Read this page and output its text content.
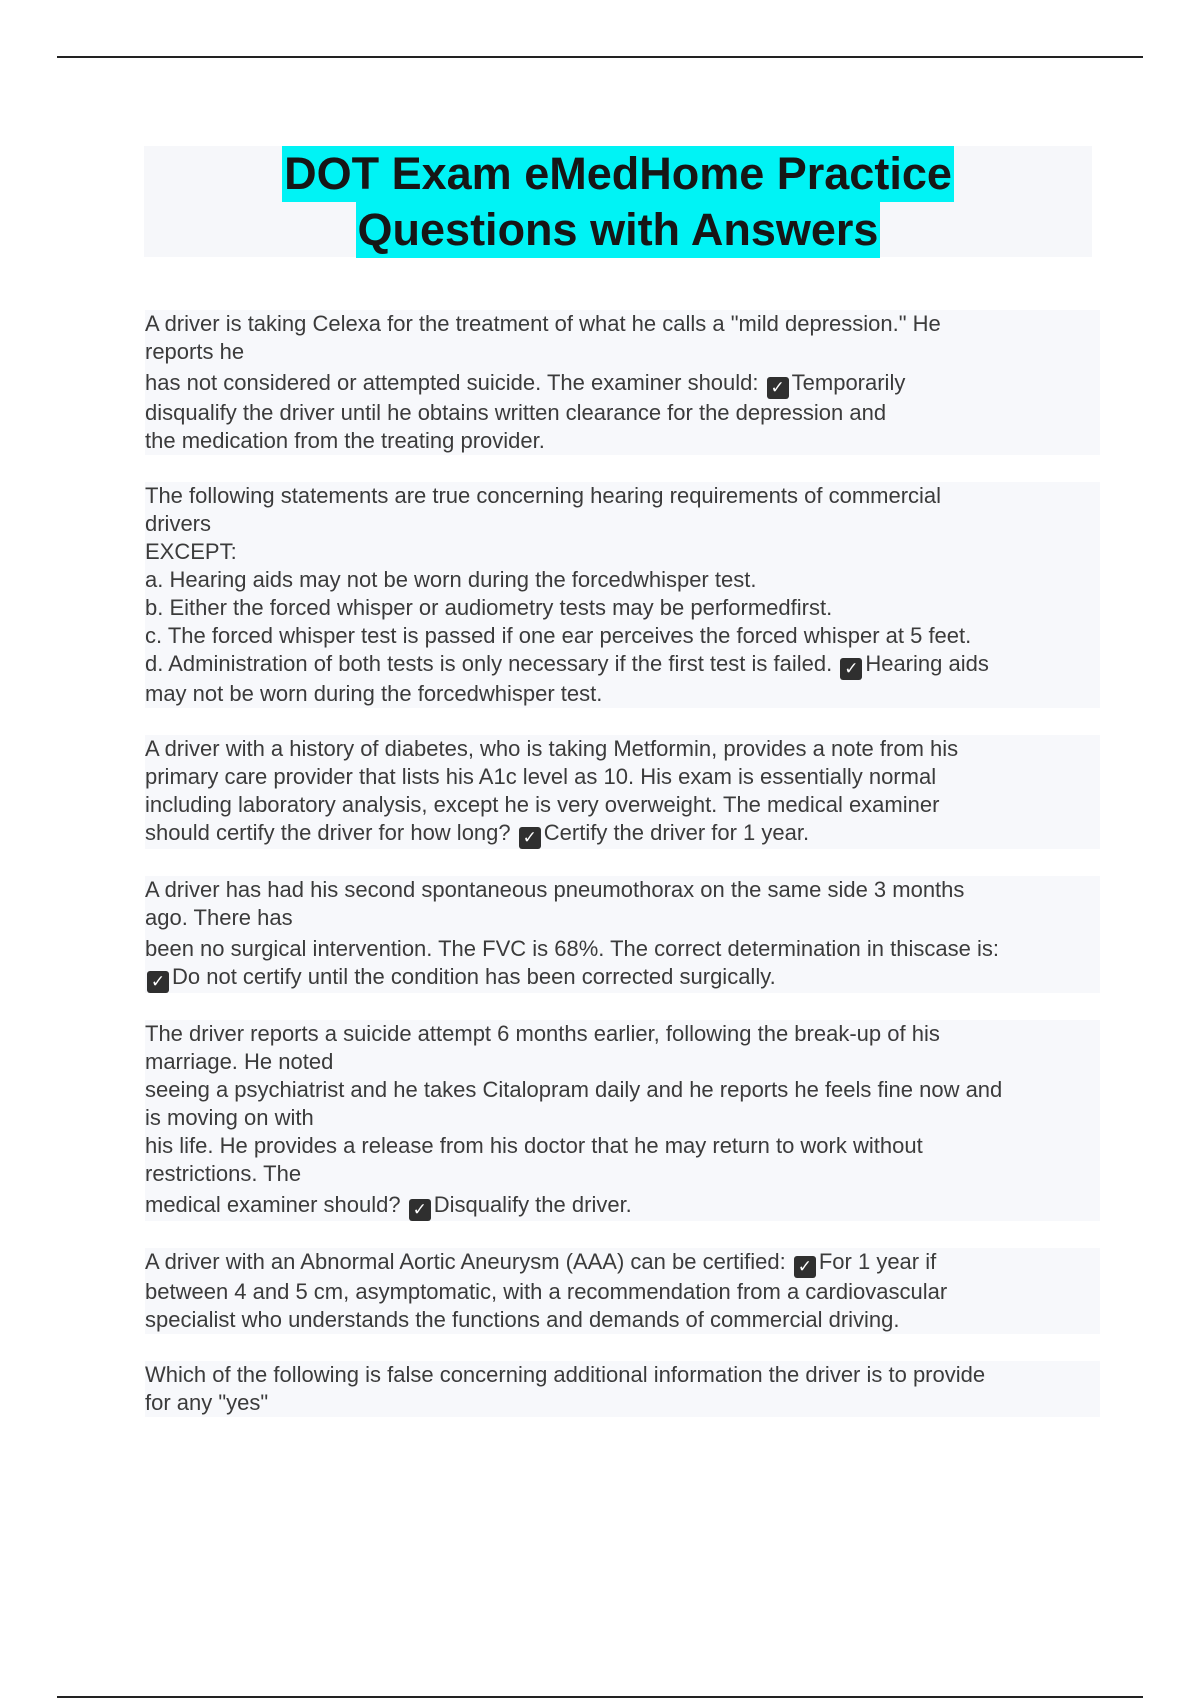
DOT Exam eMedHome Practice
Questions with Answers
A driver is taking Celexa for the treatment of what he calls a "mild depression." He
reports he
has not considered or attempted suicide. The examiner should: ✓ Temporarily
disqualify the driver until he obtains written clearance for the depression and
the medication from the treating provider.
The following statements are true concerning hearing requirements of commercial
drivers
EXCEPT:
a. Hearing aids may not be worn during the forcedwhisper test.
b. Either the forced whisper or audiometry tests may be performedfirst.
c. The forced whisper test is passed if one ear perceives the forced whisper at 5 feet.
d. Administration of both tests is only necessary if the first test is failed. ✓ Hearing aids
may not be worn during the forcedwhisper test.
A driver with a history of diabetes, who is taking Metformin, provides a note from his
primary care provider that lists his A1c level as 10. His exam is essentially normal
including laboratory analysis, except he is very overweight. The medical examiner
should certify the driver for how long? ✓ Certify the driver for 1 year.
A driver has had his second spontaneous pneumothorax on the same side 3 months
ago. There has
been no surgical intervention. The FVC is 68%. The correct determination in thiscase is:
✓ Do not certify until the condition has been corrected surgically.
The driver reports a suicide attempt 6 months earlier, following the break-up of his
marriage. He noted
seeing a psychiatrist and he takes Citalopram daily and he reports he feels fine now and
is moving on with
his life. He provides a release from his doctor that he may return to work without
restrictions. The
medical examiner should? ✓ Disqualify the driver.
A driver with an Abnormal Aortic Aneurysm (AAA) can be certified: ✓ For 1 year if
between 4 and 5 cm, asymptomatic, with a recommendation from a cardiovascular
specialist who understands the functions and demands of commercial driving.
Which of the following is false concerning additional information the driver is to provide
for any "yes"
